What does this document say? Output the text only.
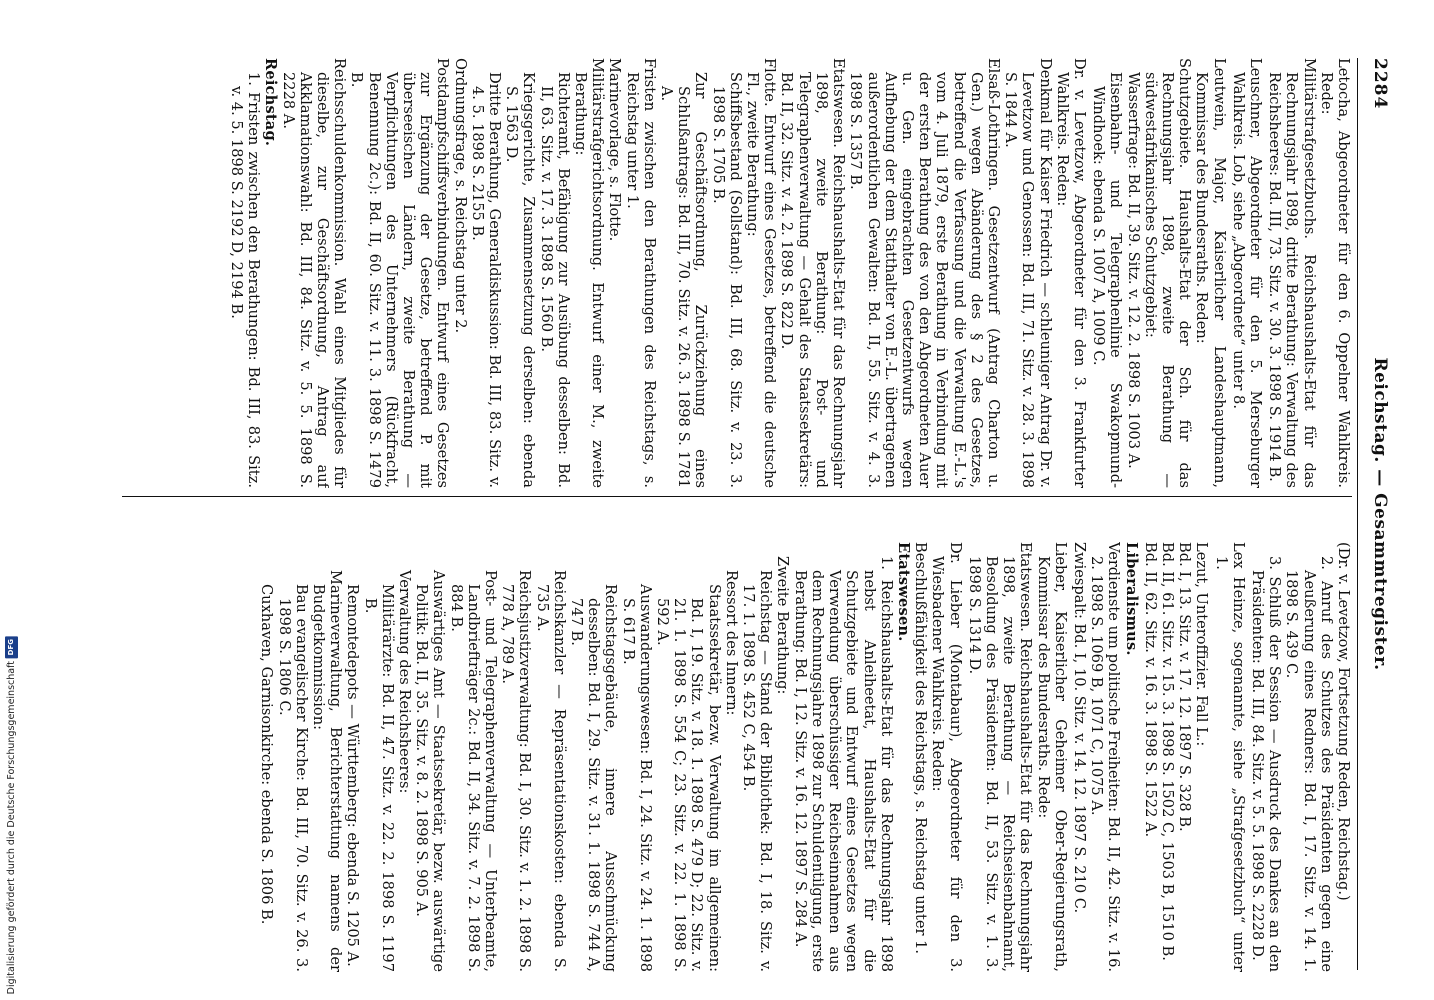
2284
Reichstag. — Gesammtregister.

Letocha, Abgeordneter für den 6. Oppelner Wahlkreis. Rede:

Militärstrafgesetzbuchs. Reichshaushalts-Etat für das Rechnungsjahr 1898, dritte Berathung: Verwaltung des Reichsheeres: Bd. III, 73. Sitz. v. 30. 3. 1898 S. 1914 B.

Leuschner, Abgeordneter für den 5. Merseburger Wahlkreis. Lob, siehe „Abgeordnete“ unter 8.

Leutwein, Major, Kaiserlicher Landeshauptmann, Kommissar des Bundesraths. Reden:

Schutzgebiete. Haushalts-Etat der Sch. für das Rechnungsjahr 1898, zweite Berathung — südwestafrikanisches Schutzgebiet:

Wasserfrage: Bd. II, 39. Sitz. v. 12. 2. 1898 S. 1003 A.

Eisenbahn- und Telegraphenlinie Swakopmund-Windhoek: ebenda S. 1007 A, 1009 C.

Dr. v. Levetzow, Abgeordneter für den 3. Frankfurter Wahlkreis. Reden:

Denkmal für Kaiser Friedrich — schleuniger Antrag Dr. v. Levetzow und Genossen: Bd. III, 71. Sitz. v. 28. 3. 1898 S. 1844 A.

Elsaß-Lothringen. Gesetzentwurf (Antrag Charton u. Gen.) wegen Abänderung des § 2 des Gesetzes, betreffend die Verfassung und die Verwaltung E.-L.'s vom 4. Juli 1879, erste Berathung in Verbindung mit der ersten Berathung des von den Abgeordneten Auer u. Gen. eingebrachten Gesetzentwurfs wegen Aufhebung der dem Statthalter von E.-L. übertragenen außerordentlichen Gewalten: Bd. II, 55. Sitz. v. 4. 3. 1898 S. 1357 B.

Etatswesen. Reichshaushalts-Etat für das Rechnungsjahr 1898, zweite Berathung: Post- und Telegraphenverwaltung — Gehalt des Staatssekretärs: Bd. II, 32. Sitz. v. 4. 2. 1898 S. 822 D.

Flotte. Entwurf eines Gesetzes, betreffend die deutsche Fl., zweite Berathung:

Schiffsbestand (Sollstand): Bd. III, 68. Sitz. v. 23. 3. 1898 S. 1705 B.

Zur Geschäftsordnung, Zurückziehung eines Schlußantrags: Bd. III, 70. Sitz. v. 26. 3. 1898 S. 1781 A.

Fristen zwischen den Berathungen des Reichstags, s. Reichstag unter 1.

Marinevorlage, s. Flotte.

Militärstrafgerichtsordnung. Entwurf einer M., zweite Berathung:

Richteramt, Befähigung zur Ausübung desselben: Bd. II, 63. Sitz. v. 17. 3. 1898 S. 1560 B.

Kriegsgerichte, Zusammensetzung derselben: ebenda S. 1563 D.

Dritte Berathung, Generaldiskussion: Bd. III, 83. Sitz. v. 4. 5. 1898 S. 2155 B.

Ordnungsfrage, s. Reichstag unter 2.

Postdampfschiffsverbindungen. Entwurf eines Gesetzes zur Ergänzung der Gesetze, betreffend P. mit überseeischen Ländern, zweite Berathung — Verpflichtungen des Unternehmers (Rückfracht, Benennung 2c.): Bd. II, 60. Sitz. v. 11. 3. 1898 S. 1479 B.

Reichsschuldenkommission. Wahl eines Mitgliedes für dieselbe, zur Geschäftsordnung, Antrag auf Akklamationswahl: Bd. III, 84. Sitz. v. 5. 5. 1898 S. 2228 A.

Reichstag.

1. Fristen zwischen den Berathungen: Bd. III, 83. Sitz. v. 4. 5. 1898 S. 2192 D, 2194 B.

(Dr. v. Levetzow, Fortsetzung Reden, Reichstag.)

2. Anruf des Schutzes des Präsidenten gegen eine Aeußerung eines Redners: Bd. I, 17. Sitz. v. 14. 1. 1898 S. 439 C.

3. Schluß der Session — Ausdruck des Dankes an den Präsidenten: Bd. III, 84. Sitz. v. 5. 5. 1898 S. 2228 D.

Lex Heinze, sogenannte, siehe „Strafgesetzbuch“ unter 1.

Lezut, Unteroffizier. Fall L.:

Bd. I, 13. Sitz. v. 17. 12. 1897 S. 328 B.

Bd. II, 61. Sitz. v. 15. 3. 1898 S. 1502 C, 1503 B, 1510 B.

Bd. II, 62. Sitz. v. 16. 3. 1898 S. 1522 A.

Liberalismus.

Verdienste um politische Freiheiten: Bd. II, 42. Sitz. v. 16. 2. 1898 S. 1069 B, 1071 C, 1075 A.

Zwiespalt: Bd. I, 10. Sitz. v. 14. 12. 1897 S. 210 C.

Lieber, Kaiserlicher Geheimer Ober-Regierungsrath, Kommissar des Bundesraths. Rede:

Etatswesen. Reichshaushalts-Etat für das Rechnungsjahr 1898, zweite Berathung — Reichseisenbahnamt, Besoldung des Präsidenten: Bd. II, 53. Sitz. v. 1. 3. 1898 S. 1314 D.

Dr. Lieber (Montabaur), Abgeordneter für den 3. Wiesbadener Wahlkreis. Reden:

Beschlußfähigkeit des Reichstags, s. Reichstag unter 1.

Etatswesen.

1. Reichshaushalts-Etat für das Rechnungsjahr 1898 nebst Anleiheetat, Haushalts-Etat für die Schutzgebiete und Entwurf eines Gesetzes wegen Verwendung überschüssiger Reichseinnahmen aus dem Rechnungsjahre 1898 zur Schuldentilgung, erste Berathung: Bd. I, 12. Sitz. v. 16. 12. 1897 S. 284 A.

Zweite Berathung:

Reichstag — Stand der Bibliothek: Bd. I, 18. Sitz. v. 17. 1. 1898 S. 452 C, 454 B.

Ressort des Innern:

Staatssekretär, bezw. Verwaltung im allgemeinen: Bd. I, 19. Sitz. v. 18. 1. 1898 S. 479 D; 22. Sitz. v. 21. 1. 1898 S. 554 C; 23. Sitz. v. 22. 1. 1898 S. 592 A.

Auswanderungswesen: Bd. I, 24. Sitz. v. 24. 1. 1898 S. 617 B.

Reichstagsgebäude, innere Ausschmückung desselben: Bd. I, 29. Sitz. v. 31. 1. 1898 S. 744 A, 747 B.

Reichskanzler — Repräsentationskosten: ebenda S. 735 A.

Reichsjustizverwaltung: Bd. I, 30. Sitz. v. 1. 2. 1898 S. 778 A, 789 A.

Post- und Telegraphenverwaltung — Unterbeamte, Landbriefträger 2c.: Bd. II, 34. Sitz. v. 7. 2. 1898 S. 884 B.

Auswärtiges Amt — Staatssekretär, bezw. auswärtige Politik: Bd. II, 35. Sitz. v. 8. 2. 1898 S. 905 A.

Verwaltung des Reichsheeres:

Militärärzte: Bd. II, 47. Sitz. v. 22. 2. 1898 S. 1197 B.

Remontedepots — Württemberg: ebenda S. 1205 A.

Marineverwaltung, Berichterstattung namens der Budgetkommission:

Bau evangelischer Kirche: Bd. III, 70. Sitz. v. 26. 3. 1898 S. 1806 C.

Cuxhaven, Garnisonkirche: ebenda S. 1806 B.

Digitalisierung gefördert durch die Deutsche Forschungsgemeinschaft
DFG
